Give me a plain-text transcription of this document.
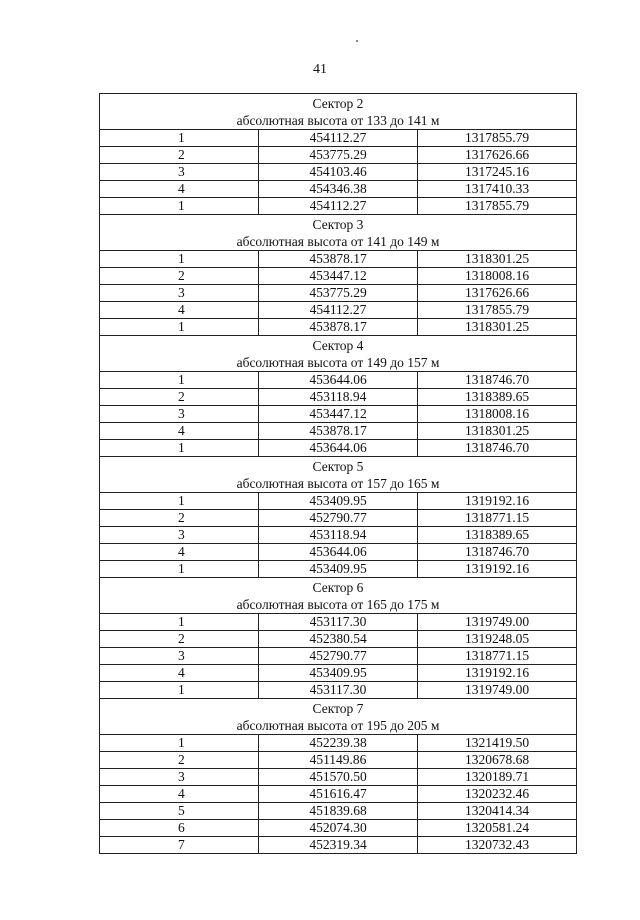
41
Сектор 2		
абсолютная высота от 133 до 141 м		
1	454112.27	1317855.79
2	453775.29	1317626.66
3	454103.46	1317245.16
4	454346.38	1317410.33
1	454112.27	1317855.79
Сектор 3		
абсолютная высота от 141 до 149 м		
1	453878.17	1318301.25
2	453447.12	1318008.16
3	453775.29	1317626.66
4	454112.27	1317855.79
1	453878.17	1318301.25
Сектор 4		
абсолютная высота от 149 до 157 м		
1	453644.06	1318746.70
2	453118.94	1318389.65
3	453447.12	1318008.16
4	453878.17	1318301.25
1	453644.06	1318746.70
Сектор 5		
абсолютная высота от 157 до 165 м		
1	453409.95	1319192.16
2	452790.77	1318771.15
3	453118.94	1318389.65
4	453644.06	1318746.70
1	453409.95	1319192.16
Сектор 6		
абсолютная высота от 165 до 175 м		
1	453117.30	1319749.00
2	452380.54	1319248.05
3	452790.77	1318771.15
4	453409.95	1319192.16
1	453117.30	1319749.00
Сектор 7		
абсолютная высота от 195 до 205 м		
1	452239.38	1321419.50
2	451149.86	1320678.68
3	451570.50	1320189.71
4	451616.47	1320232.46
5	451839.68	1320414.34
6	452074.30	1320581.24
7	452319.34	1320732.43
